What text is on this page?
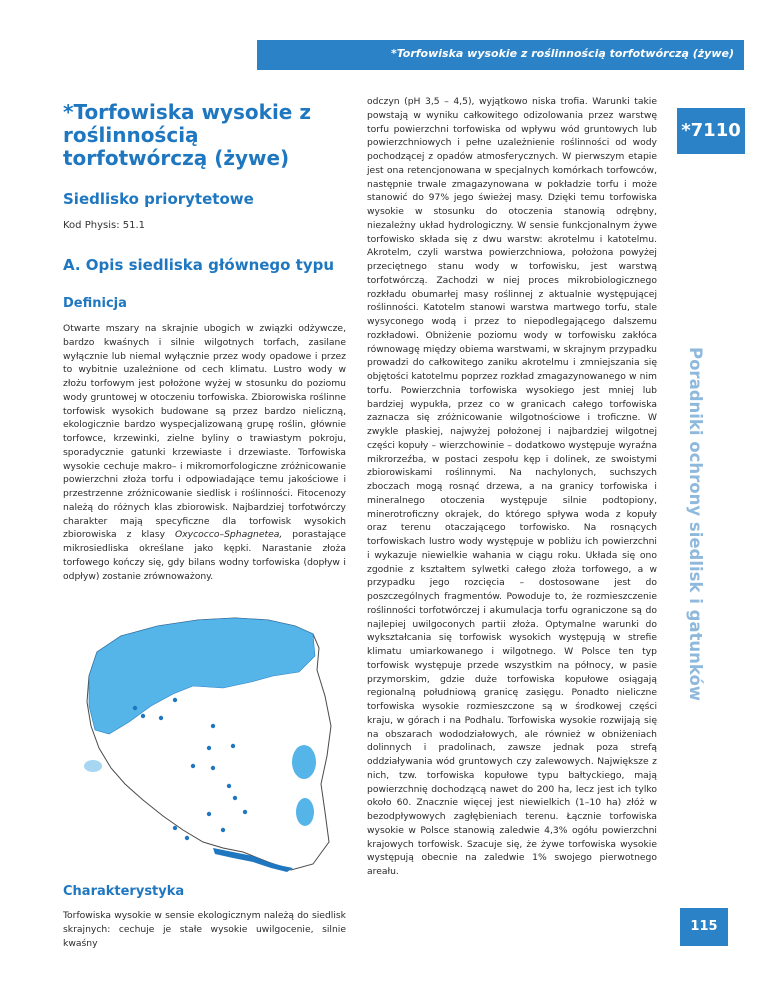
*Torfowiska wysokie z roślinnością torfotwórczą (żywe)
*Torfowiska wysokie z roślinnością torfotwórczą (żywe)
Siedlisko priorytetowe
Kod Physis: 51.1
A. Opis siedliska głównego typu
Definicja

Otwarte mszary na skrajnie ubogich w związki odżywcze, bardzo kwaśnych i silnie wilgotnych torfach, zasilane wyłącznie lub niemal wyłącznie przez wody opadowe i przez to wybitnie uzależnione od cech klimatu. Lustro wody w złożu torfowym jest położone wyżej w stosunku do poziomu wody gruntowej w otoczeniu torfowiska. Zbiorowiska roślinne torfowisk wysokich budowane są przez bardzo nieliczną, ekologicznie bardzo wyspecjalizowaną grupę roślin, głównie torfowce, krzewinki, zielne byliny o trawiastym pokroju, sporadycznie gatunki krzewiaste i drzewiaste. Torfowiska wysokie cechuje makro– i mikromorfologiczne zróżnicowanie powierzchni złoża torfu i odpowiadające temu jakościowe i przestrzenne zróżnicowanie siedlisk i roślinności. Fitocenozy należą do różnych klas zbiorowisk. Najbardziej torfotwórczy charakter mają specyficzne dla torfowisk wysokich zbiorowiska z klasy Oxycocco–Sphagnetea, porastające mikrosiedliska określane jako kępki. Narastanie złoża torfowego kończy się, gdy bilans wodny torfowiska (dopływ i odpływ) zostanie zrównoważony.

Charakterystyka

Torfowiska wysokie w sensie ekologicznym należą do siedlisk skrajnych: cechuje je stałe wysokie uwilgocenie, silnie kwaśny

odczyn (pH 3,5 – 4,5), wyjątkowo niska trofia. Warunki takie powstają w wyniku całkowitego odizolowania przez warstwę torfu powierzchni torfowiska od wpływu wód gruntowych lub powierzchniowych i pełne uzależnienie roślinności od wody pochodzącej z opadów atmosferycznych. W pierwszym etapie jest ona retencjonowana w specjalnych komórkach torfowców, następnie trwale zmagazynowana w pokładzie torfu i może stanowić do 97% jego świeżej masy. Dzięki temu torfowiska wysokie w stosunku do otoczenia stanowią odrębny, niezależny układ hydrologiczny. W sensie funkcjonalnym żywe torfowisko składa się z dwu warstw: akrotelmu i katotelmu. Akrotelm, czyli warstwa powierzchniowa, położona powyżej przeciętnego stanu wody w torfowisku, jest warstwą torfotwórczą. Zachodzi w niej proces mikrobiologicznego rozkładu obumarłej masy roślinnej z aktualnie występującej roślinności. Katotelm stanowi warstwa martwego torfu, stale wysyconego wodą i przez to niepodlegającego dalszemu rozkładowi. Obniżenie poziomu wody w torfowisku zakłóca równowagę między obiema warstwami, w skrajnym przypadku prowadzi do całkowitego zaniku akrotelmu i zmniejszania się objętości katotelmu poprzez rozkład zmagazynowanego w nim torfu. Powierzchnia torfowiska wysokiego jest mniej lub bardziej wypukła, przez co w granicach całego torfowiska zaznacza się zróżnicowanie wilgotnościowe i troficzne. W zwykle płaskiej, najwyżej położonej i najbardziej wilgotnej części kopuły – wierzchowinie – dodatkowo występuje wyraźna mikrorzeźba, w postaci zespołu kęp i dolinek, ze swoistymi zbiorowiskami roślinnymi. Na nachylonych, suchszych zboczach mogą rosnąć drzewa, a na granicy torfowiska i mineralnego otoczenia występuje silnie podtopiony, minerotroficzny okrajek, do którego spływa woda z kopuły oraz terenu otaczającego torfowisko. Na rosnących torfowiskach lustro wody występuje w pobliżu ich powierzchni i wykazuje niewielkie wahania w ciągu roku. Układa się ono zgodnie z kształtem sylwetki całego złoża torfowego, a w przypadku jego rozcięcia – dostosowane jest do poszczególnych fragmentów. Powoduje to, że rozmieszczenie roślinności torfotwórczej i akumulacja torfu ograniczone są do najlepiej uwilgoconych partii złoża. Optymalne warunki do wykształcania się torfowisk wysokich występują w strefie klimatu umiarkowanego i wilgotnego. W Polsce ten typ torfowisk występuje przede wszystkim na północy, w pasie przymorskim, gdzie duże torfowiska kopułowe osiągają regionalną południową granicę zasięgu. Ponadto nieliczne torfowiska wysokie rozmieszczone są w środkowej części kraju, w górach i na Podhalu. Torfowiska wysokie rozwijają się na obszarach wododziałowych, ale również w obniżeniach dolinnych i pradolinach, zawsze jednak poza strefą oddziaływania wód gruntowych czy zalewowych. Największe z nich, tzw. torfowiska kopułowe typu bałtyckiego, mają powierzchnię dochodzącą nawet do 200 ha, lecz jest ich tylko około 60. Znacznie więcej jest niewielkich (1–10 ha) złóż w bezodpływowych zagłębieniach terenu. Łącznie torfowiska wysokie w Polsce stanowią zaledwie 4,3% ogółu powierzchni krajowych torfowisk. Szacuje się, że żywe torfowiska wysokie występują obecnie na zaledwie 1% swojego pierwotnego areału.

*7110
Poradniki ochrony siedlisk i gatunków
115
